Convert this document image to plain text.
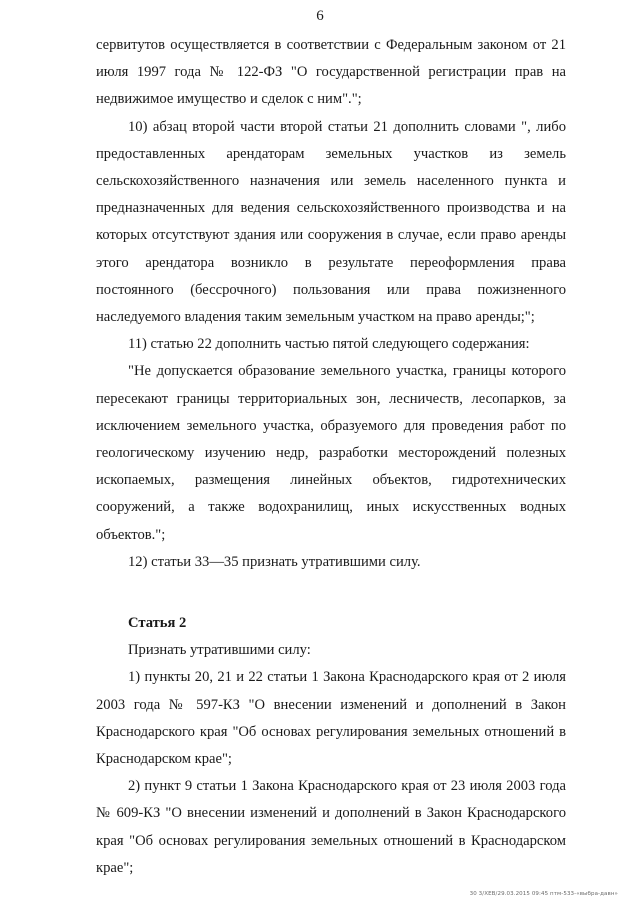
6

сервитутов осуществляется в соответствии с Федеральным законом от 21 июля 1997 года № 122-ФЗ "О государственной регистрации прав на недвижимое имущество и сделок с ним".";

10) абзац второй части второй статьи 21 дополнить словами ", либо предоставленных арендаторам земельных участков из земель сельскохозяйственного назначения или земель населенного пункта и предназначенных для ведения сельскохозяйственного производства и на которых отсутствуют здания или сооружения в случае, если право аренды этого арендатора возникло в результате переоформления права постоянного (бессрочного) пользования или права пожизненного наследуемого владения таким земельным участком на право аренды;";

11) статью 22 дополнить частью пятой следующего содержания:

"Не допускается образование земельного участка, границы которого пересекают границы территориальных зон, лесничеств, лесопарков, за исключением земельного участка, образуемого для проведения работ по геологическому изучению недр, разработки месторождений полезных ископаемых, размещения линейных объектов, гидротехнических сооружений, а также водохранилищ, иных искусственных водных объектов.";

12) статьи 33—35 признать утратившими силу.

Статья 2

Признать утратившими силу:

1) пункты 20, 21 и 22 статьи 1 Закона Краснодарского края от 2 июля 2003 года № 597-КЗ "О внесении изменений и дополнений в Закон Краснодарского края "Об основах регулирования земельных отношений в Краснодарском крае";

2) пункт 9 статьи 1 Закона Краснодарского края от 23 июля 2003 года № 609-КЗ "О внесении изменений и дополнений в Закон Краснодарского края "Об основах регулирования земельных отношений в Краснодарском крае";

30 3/ХЕВ/29.03.2015 09:45 птм-533-«выбра-давн»
